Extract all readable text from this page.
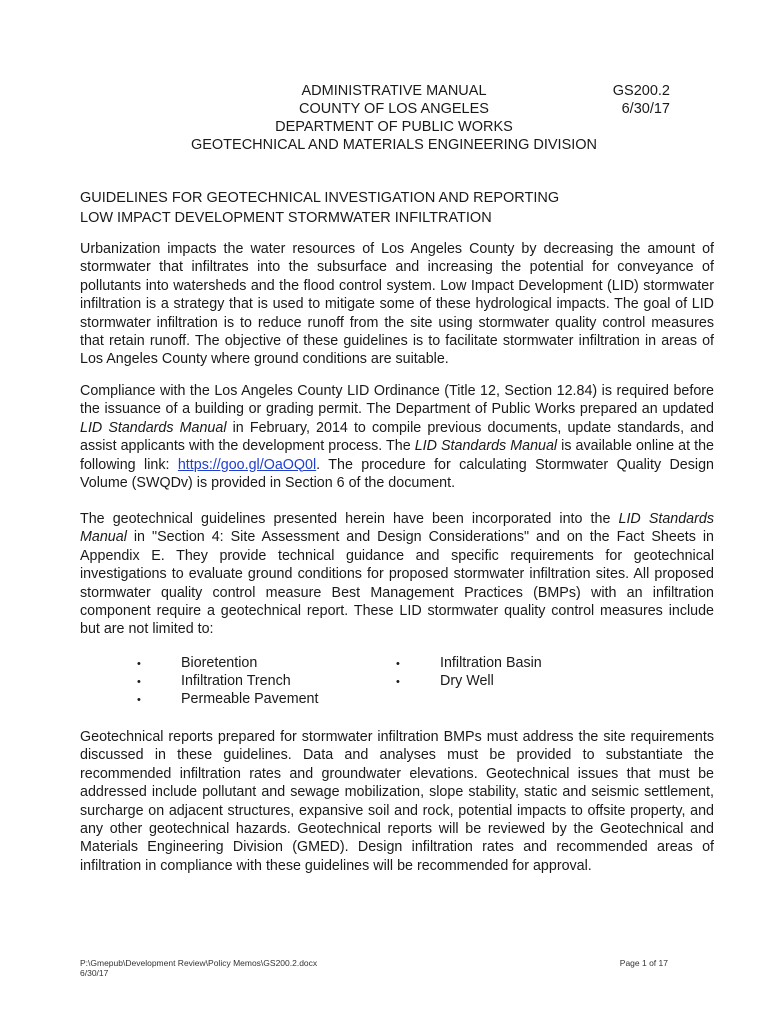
ADMINISTRATIVE MANUAL	GS200.2
COUNTY OF LOS ANGELES	6/30/17
DEPARTMENT OF PUBLIC WORKS
GEOTECHNICAL AND MATERIALS ENGINEERING DIVISION
GUIDELINES FOR GEOTECHNICAL INVESTIGATION AND REPORTING
LOW IMPACT DEVELOPMENT STORMWATER INFILTRATION

Urbanization impacts the water resources of Los Angeles County by decreasing the amount of stormwater that infiltrates into the subsurface and increasing the potential for conveyance of pollutants into watersheds and the flood control system. Low Impact Development (LID) stormwater infiltration is a strategy that is used to mitigate some of these hydrological impacts. The goal of LID stormwater infiltration is to reduce runoff from the site using stormwater quality control measures that retain runoff. The objective of these guidelines is to facilitate stormwater infiltration in areas of Los Angeles County where ground conditions are suitable.

Compliance with the Los Angeles County LID Ordinance (Title 12, Section 12.84) is required before the issuance of a building or grading permit. The Department of Public Works prepared an updated LID Standards Manual in February, 2014 to compile previous documents, update standards, and assist applicants with the development process. The LID Standards Manual is available online at the following link: https://goo.gl/OaOQ0l. The procedure for calculating Stormwater Quality Design Volume (SWQDv) is provided in Section 6 of the document.

The geotechnical guidelines presented herein have been incorporated into the LID Standards Manual in "Section 4: Site Assessment and Design Considerations" and on the Fact Sheets in Appendix E. They provide technical guidance and specific requirements for geotechnical investigations to evaluate ground conditions for proposed stormwater infiltration sites. All proposed stormwater quality control measure Best Management Practices (BMPs) with an infiltration component require a geotechnical report. These LID stormwater quality control measures include but are not limited to:

•	Bioretention
•	Infiltration Trench
•	Permeable Pavement
•	Infiltration Basin
•	Dry Well

Geotechnical reports prepared for stormwater infiltration BMPs must address the site requirements discussed in these guidelines. Data and analyses must be provided to substantiate the recommended infiltration rates and groundwater elevations. Geotechnical issues that must be addressed include pollutant and sewage mobilization, slope stability, static and seismic settlement, surcharge on adjacent structures, expansive soil and rock, potential impacts to offsite property, and any other geotechnical hazards. Geotechnical reports will be reviewed by the Geotechnical and Materials Engineering Division (GMED). Design infiltration rates and recommended areas of infiltration in compliance with these guidelines will be recommended for approval.

P:\Gmepub\Development Review\Policy Memos\GS200.2.docx
6/30/17
Page 1 of 17
